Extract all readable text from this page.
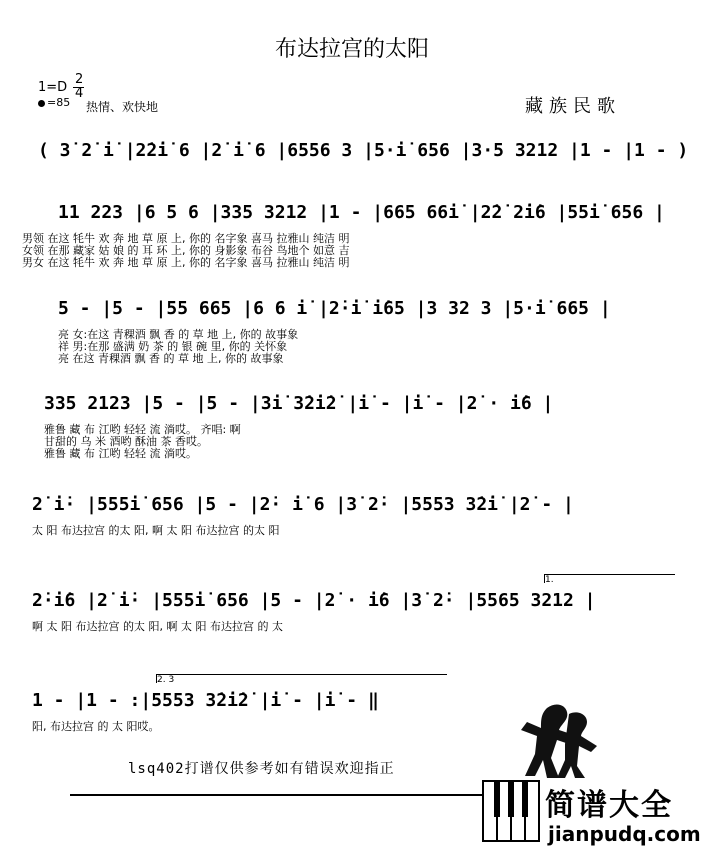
布达拉宫的太阳
1=D
2
4
=85 热情、欢快地	藏族民歌
( 3̇ 2̇ i̇ |2̇2̇i̇ 6 |2̇ i̇ 6 |6556 3 |5·i̇ 656 |3·5 3212 |1 - |1 - )
11 223 |6 5 6 |335 3212 |1 - |665 66i̇ |2̇2̇ 2̇i̇6 |55i̇ 656 |
男领 在这 牦牛 欢 奔 地 草 原 上, 你的 名字象 喜马 拉雅山 纯洁 明
女领 在那 藏家 姑 娘 的 耳 环 上, 你的 身影象 布谷 鸟地个 如意 吉
男女 在这 牦牛 欢 奔 地 草 原 上, 你的 名字象 喜马 拉雅山 纯洁 明
5 - |5 - |55 665 |6 6 i̇ |2̇·i̇ i̇65 |3 32 3 |5·i̇ 665 |
亮 女:在这 青稞酒 飘 香 的 草 地 上, 你的 故事象
祥 男:在那 盛满 奶 茶 的 银 碗 里, 你的 关怀象
亮 在这 青稞酒 飘 香 的 草 地 上, 你的 故事象
335 2123 |5 - |5 - |3i̇ 3̇2̇i̇2̇ |i̇ - |i̇ - |2̇ · i̇6 |
雅鲁 藏 布 江哟 轻轻 流 淌哎。 齐唱: 啊
甘甜的 乌 米 酒哟 酥油 茶 香哎。
雅鲁 藏 布 江哟 轻轻 流 淌哎。
2̇ i̇· |555i̇ 656 |5 - |2̇· i̇ 6 |3̇ 2̇· |5553 3̇2̇i̇ |2̇ - |
太 阳 布达拉宫 的太 阳, 啊 太 阳 布达拉宫 的太 阳
1.
2̇·i̇6 |2̇ i̇· |555i̇ 656 |5 - |2̇ · i̇6 |3̇ 2̇· |5565 3212 |
啊 太 阳 布达拉宫 的太 阳, 啊 太 阳 布达拉宫 的 太
2. 3
1 - |1 - :|5553 3̇2̇i̇2̇ |i̇ - |i̇ - ‖
阳, 布达拉宫 的 太 阳哎。
lsq402打谱仅供参考如有错误欢迎指正
简谱大全
jianpudq.com
